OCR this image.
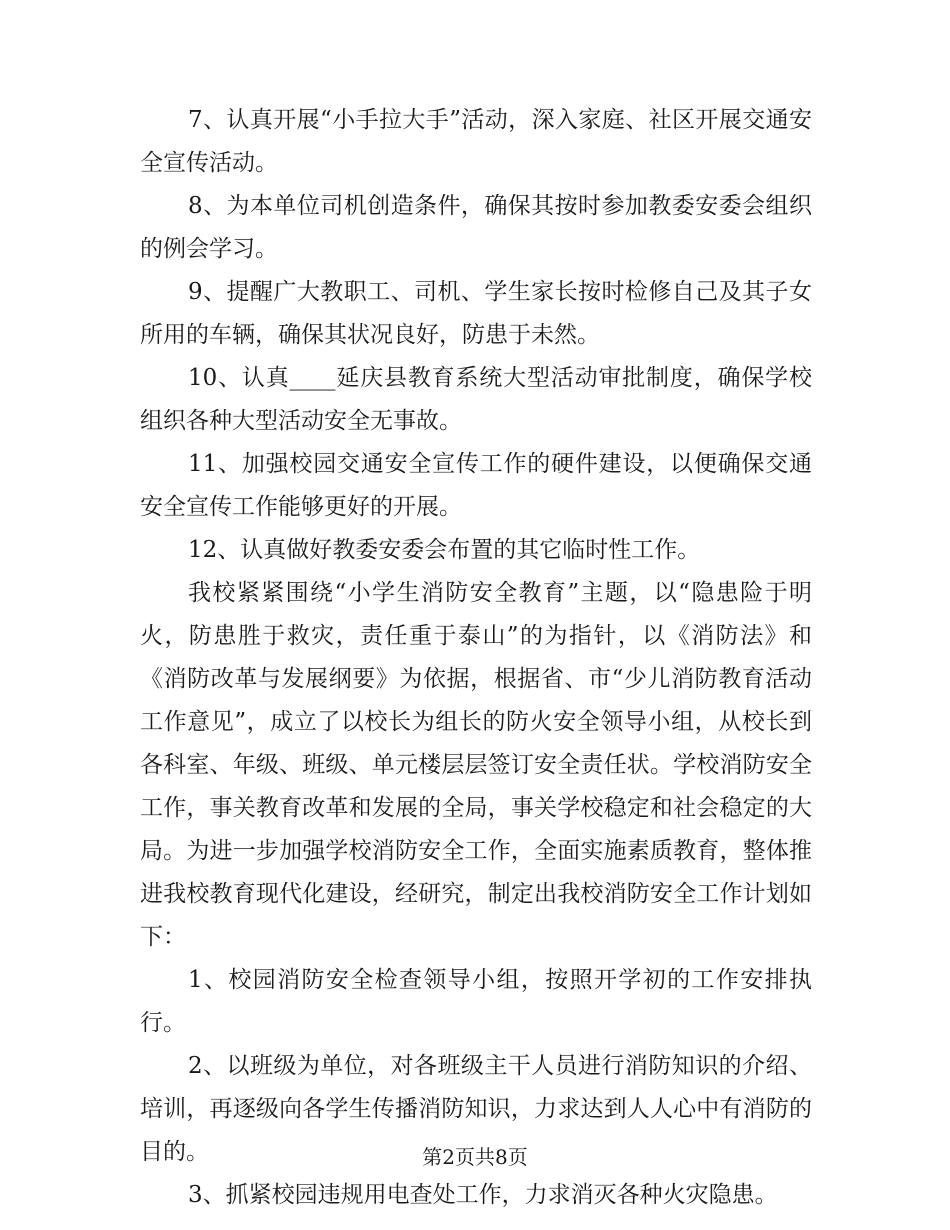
7、认真开展“小手拉大手”活动，深入家庭、社区开展交通安全宣传活动。

8、为本单位司机创造条件，确保其按时参加教委安委会组织的例会学习。

9、提醒广大教职工、司机、学生家长按时检修自己及其子女所用的车辆，确保其状况良好，防患于未然。

10、认真____延庆县教育系统大型活动审批制度，确保学校组织各种大型活动安全无事故。

11、加强校园交通安全宣传工作的硬件建设，以便确保交通安全宣传工作能够更好的开展。

12、认真做好教委安委会布置的其它临时性工作。

我校紧紧围绕“小学生消防安全教育”主题，以“隐患险于明火，防患胜于救灾，责任重于泰山”的为指针，以《消防法》和《消防改革与发展纲要》为依据，根据省、市“少儿消防教育活动工作意见”，成立了以校长为组长的防火安全领导小组，从校长到各科室、年级、班级、单元楼层层签订安全责任状。学校消防安全工作，事关教育改革和发展的全局，事关学校稳定和社会稳定的大局。为进一步加强学校消防安全工作，全面实施素质教育，整体推进我校教育现代化建设，经研究，制定出我校消防安全工作计划如下：

1、校园消防安全检查领导小组，按照开学初的工作安排执行。

2、以班级为单位，对各班级主干人员进行消防知识的介绍、培训，再逐级向各学生传播消防知识，力求达到人人心中有消防的目的。

3、抓紧校园违规用电查处工作，力求消灭各种火灾隐患。

第2页共8页
